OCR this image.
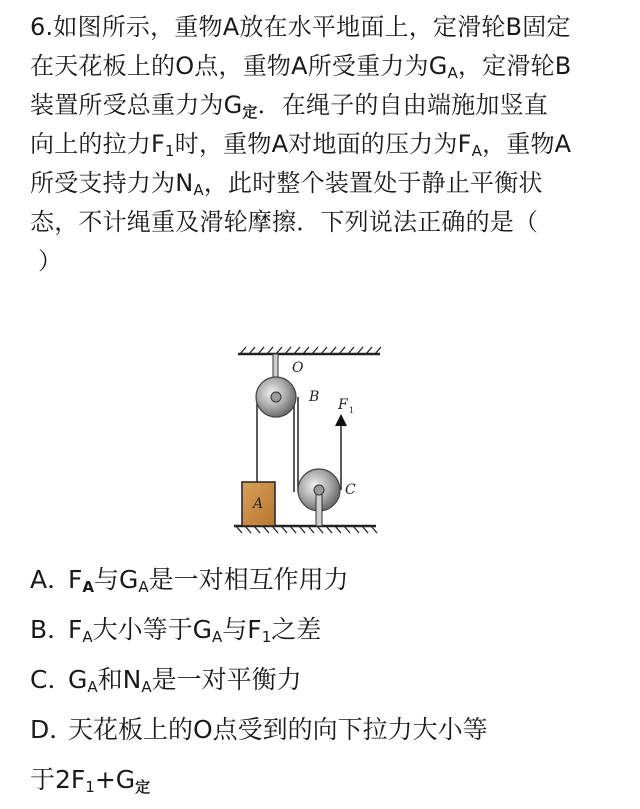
6.如图所示，重物A放在水平地面上，定滑轮B固定
在天花板上的O点，重物A所受重力为$G_A$，定滑轮B
装置所受总重力为$G_定$．在绳子的自由端施加竖直
向上的拉力$F_1$时，重物A对地面的压力为$F_A$，重物A
所受支持力为$N_A$，此时整个装置处于静止平衡状
态，不计绳重及滑轮摩擦．下列说法正确的是（
）
O
B F 1
A
C
A．$F_A$与$G_A$是一对相互作用力
B．$F_A$大小等于$G_A$与$F_1$之差
C．$G_A$和$N_A$是一对平衡力
D．天花板上的O点受到的向下拉力大小等
于$2F_1+G_定$
